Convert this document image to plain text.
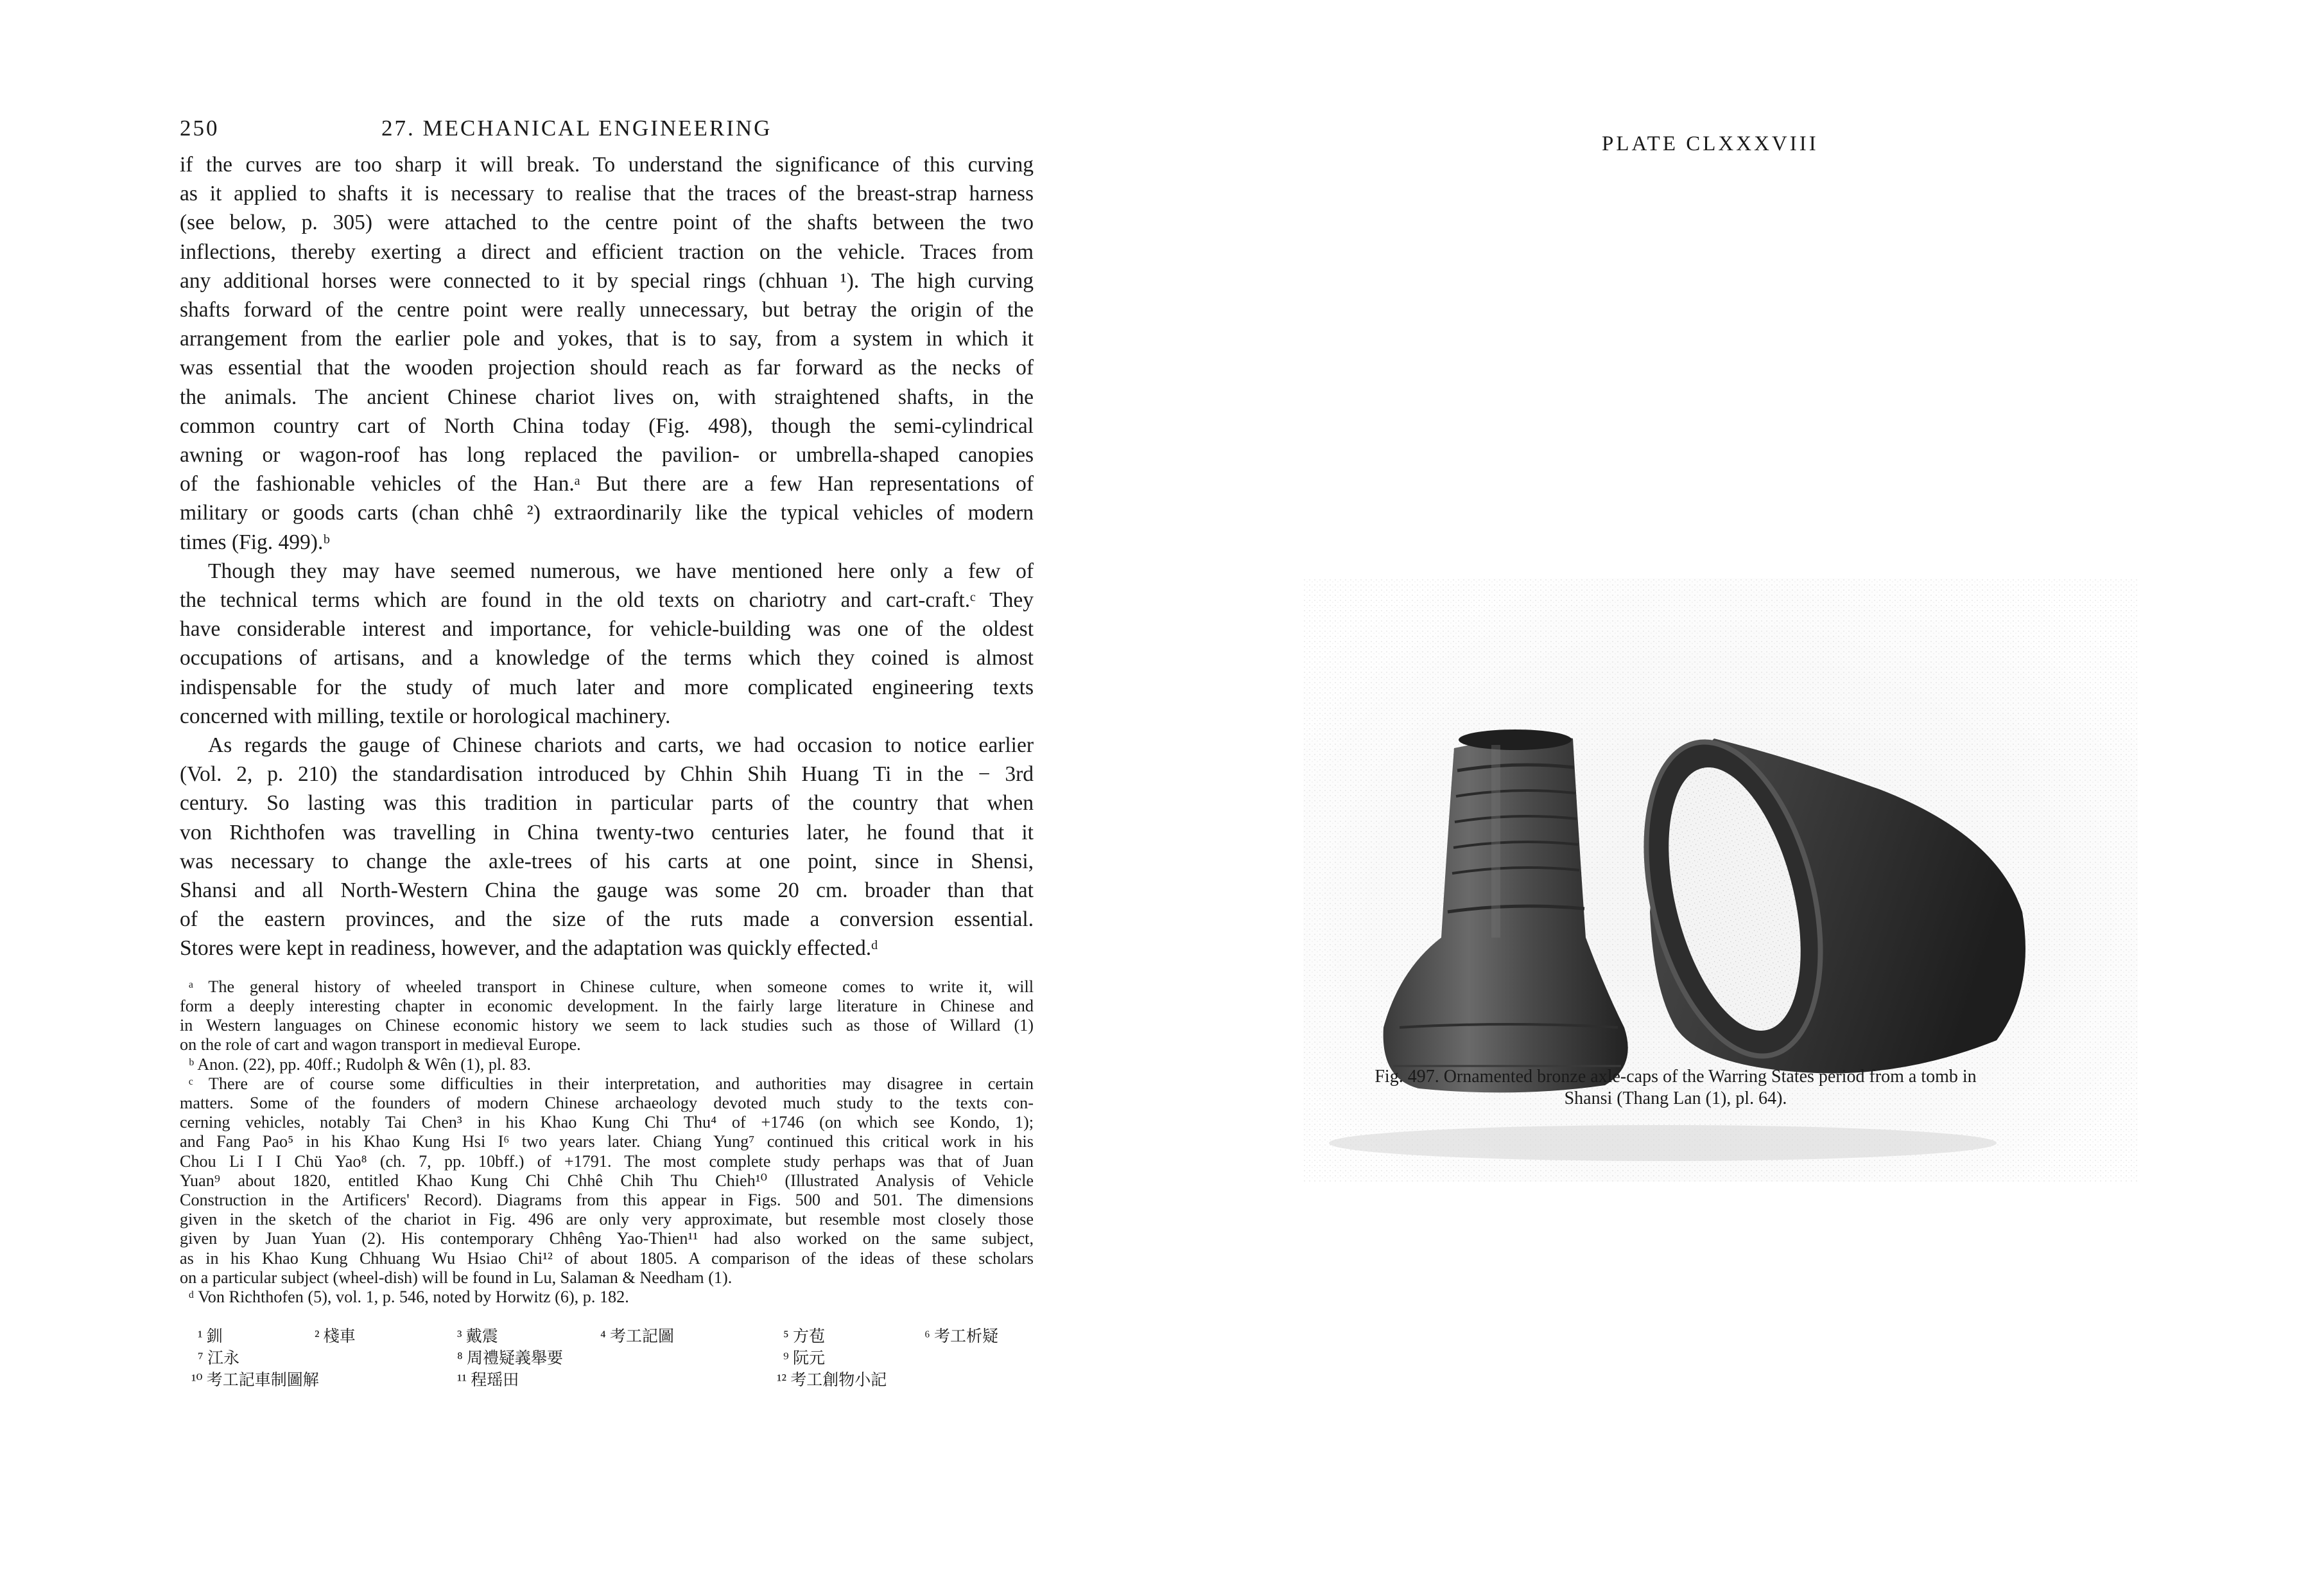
250	27. MECHANICAL ENGINEERING
if the curves are too sharp it will break. To understand the significance of this curving
as it applied to shafts it is necessary to realise that the traces of the breast-strap harness
(see below, p. 305) were attached to the centre point of the shafts between the two
inflections, thereby exerting a direct and efficient traction on the vehicle. Traces from
any additional horses were connected to it by special rings (chhuan ¹). The high curving
shafts forward of the centre point were really unnecessary, but betray the origin of the
arrangement from the earlier pole and yokes, that is to say, from a system in which it
was essential that the wooden projection should reach as far forward as the necks of
the animals. The ancient Chinese chariot lives on, with straightened shafts, in the
common country cart of North China today (Fig. 498), though the semi-cylindrical
awning or wagon-roof has long replaced the pavilion- or umbrella-shaped canopies
of the fashionable vehicles of the Han.ᵃ But there are a few Han representations of
military or goods carts (chan chhê ²) extraordinarily like the typical vehicles of modern
times (Fig. 499).ᵇ
Though they may have seemed numerous, we have mentioned here only a few of
the technical terms which are found in the old texts on chariotry and cart-craft.ᶜ They
have considerable interest and importance, for vehicle-building was one of the oldest
occupations of artisans, and a knowledge of the terms which they coined is almost
indispensable for the study of much later and more complicated engineering texts
concerned with milling, textile or horological machinery.
As regards the gauge of Chinese chariots and carts, we had occasion to notice earlier
(Vol. 2, p. 210) the standardisation introduced by Chhin Shih Huang Ti in the − 3rd
century. So lasting was this tradition in particular parts of the country that when
von Richthofen was travelling in China twenty-two centuries later, he found that it
was necessary to change the axle-trees of his carts at one point, since in Shensi,
Shansi and all North-Western China the gauge was some 20 cm. broader than that
of the eastern provinces, and the size of the ruts made a conversion essential.
Stores were kept in readiness, however, and the adaptation was quickly effected.ᵈ
ᵃ The general history of wheeled transport in Chinese culture, when someone comes to write it, will
form a deeply interesting chapter in economic development. In the fairly large literature in Chinese and
in Western languages on Chinese economic history we seem to lack studies such as those of Willard (1)
on the role of cart and wagon transport in medieval Europe.
ᵇ Anon. (22), pp. 40ff.; Rudolph & Wên (1), pl. 83.
ᶜ There are of course some difficulties in their interpretation, and authorities may disagree in certain
matters. Some of the founders of modern Chinese archaeology devoted much study to the texts con-
cerning vehicles, notably Tai Chen³ in his Khao Kung Chi Thu⁴ of +1746 (on which see Kondo, 1);
and Fang Pao⁵ in his Khao Kung Hsi I⁶ two years later. Chiang Yung⁷ continued this critical work in his
Chou Li I I Chü Yao⁸ (ch. 7, pp. 10bff.) of +1791. The most complete study perhaps was that of Juan
Yuan⁹ about 1820, entitled Khao Kung Chi Chhê Chih Thu Chieh¹⁰ (Illustrated Analysis of Vehicle
Construction in the Artificers' Record). Diagrams from this appear in Figs. 500 and 501. The dimensions
given in the sketch of the chariot in Fig. 496 are only very approximate, but resemble most closely those
given by Juan Yuan (2). His contemporary Chhêng Yao-Thien¹¹ had also worked on the same subject,
as in his Khao Kung Chhuang Wu Hsiao Chi¹² of about 1805. A comparison of the ideas of these scholars
on a particular subject (wheel-dish) will be found in Lu, Salaman & Needham (1).
ᵈ Von Richthofen (5), vol. 1, p. 546, noted by Horwitz (6), p. 182.
¹ 釧	² 棧車	³ 戴震	⁴ 考工記圖	⁵ 方苞	⁶ 考工析疑
⁷ 江永	⁸ 周禮疑義舉要	⁹ 阮元
¹⁰ 考工記車制圖解	¹¹ 程瑶田	¹² 考工創物小記
PLATE CLXXXVIII
Fig. 497. Ornamented bronze axle-caps of the Warring States period from a tomb in
Shansi (Thang Lan (1), pl. 64).
